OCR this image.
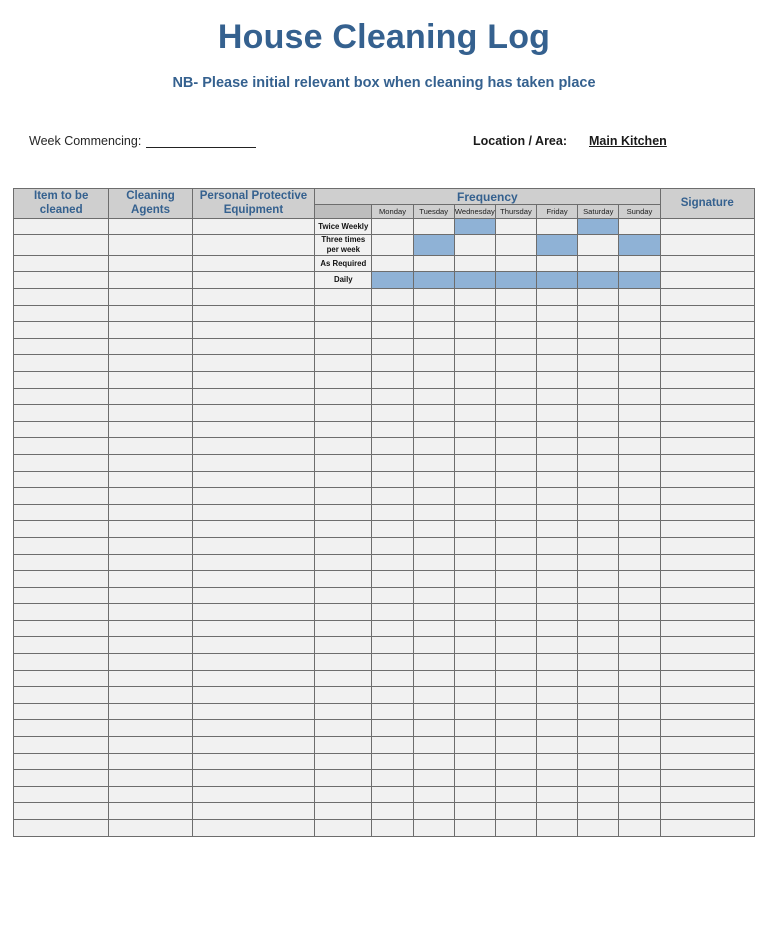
House Cleaning Log
NB- Please initial relevant box when cleaning has taken place
Week Commencing:	Location / Area: Main Kitchen
Item to be cleaned	Cleaning Agents	Personal Protective Equipment	Frequency								Signature
				Monday	Tuesday	Wednesday	Thursday	Friday	Saturday	Sunday	
			Twice Weekly								
			Three times per week								
			As Required								
			Daily								
